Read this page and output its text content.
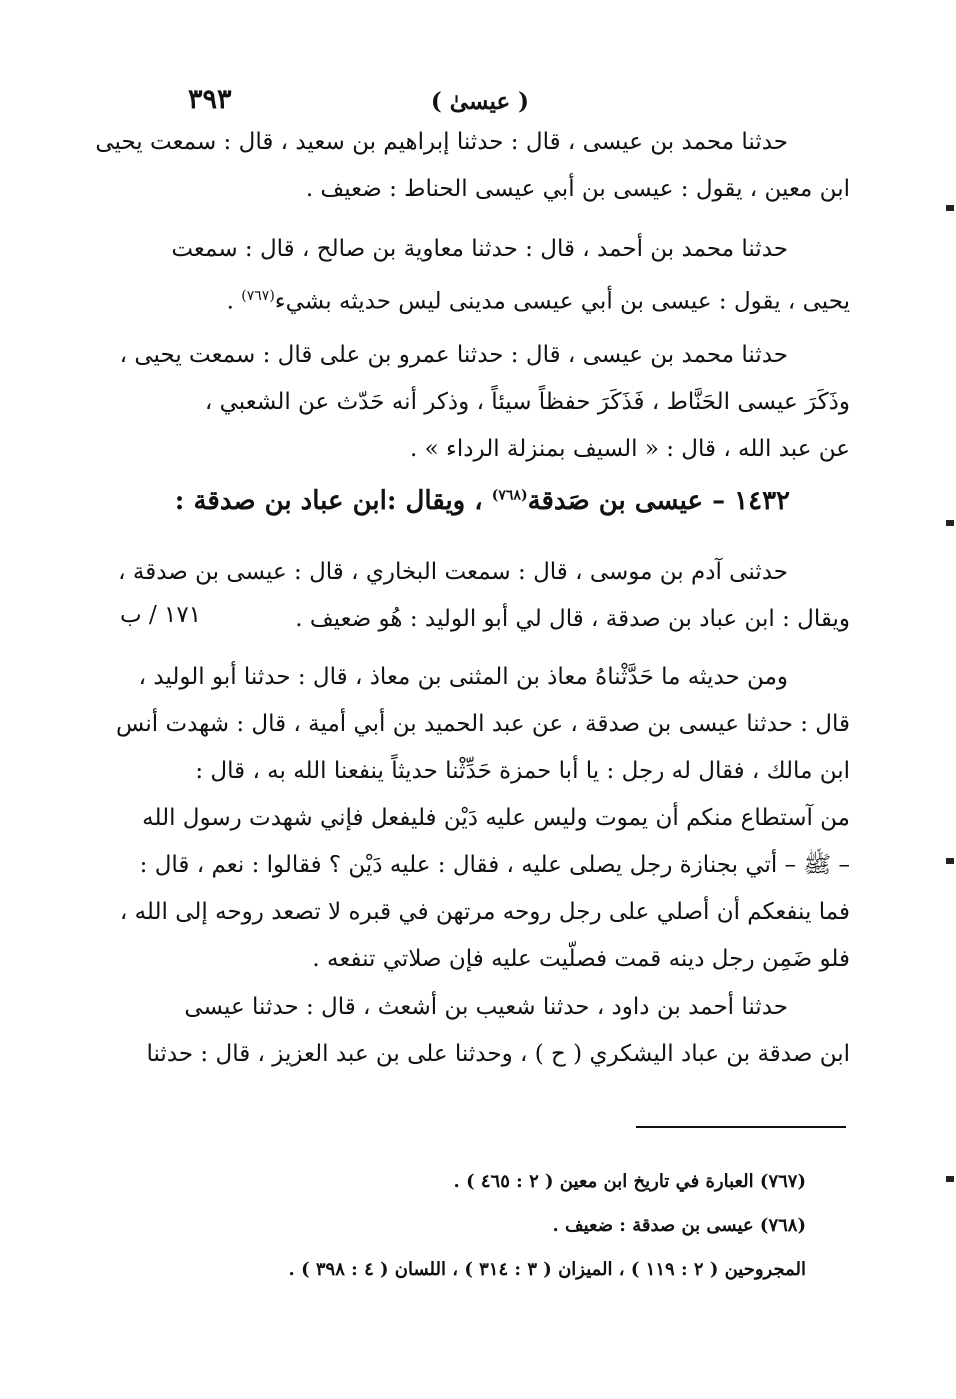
٣٩٣	( عيسىٰ )
حدثنا محمد بن عيسى ، قال : حدثنا إبراهيم بن سعيد ، قال : سمعت يحيى
ابن معين ، يقول : عيسى بن أبي عيسى الحناط : ضعيف .
حدثنا محمد بن أحمد ، قال : حدثنا معاوية بن صالح ، قال : سمعت
يحيى ، يقول : عيسى بن أبي عيسى مدينى ليس حديثه بشيء$^{(٧٦٧)}$ .
حدثنا محمد بن عيسى ، قال : حدثنا عمرو بن على قال : سمعت يحيى ،
وذَكَرَ عيسى الحَنَّاط ، فَذَكَرَ حفظاً سيئاً ، وذكر أنه حَدّث عن الشعبي ،
عن عبد الله ، قال : « السيف بمنزلة الرداء » .
١٤٣٢ – عيسى بن صَدقة$^{(٧٦٨)}$ ، ويقال :ابن عباد بن صدقة :
حدثنى آدم بن موسى ، قال : سمعت البخاري ، قال : عيسى بن صدقة ،
ويقال : ابن عباد بن صدقة ، قال لي أبو الوليد : هُو ضعيف .
١٧١ / ب
ومن حديثه ما حَدَّثْناهُ معاذ بن المثنى بن معاذ ، قال : حدثنا أبو الوليد ،
قال : حدثنا عيسى بن صدقة ، عن عبد الحميد بن أبي أمية ، قال : شهدت أنس
ابن مالك ، فقال له رجل : يا أبا حمزة حَدِّثْنا حديثاً ينفعنا الله به ، قال :
من آستطاع منكم أن يموت وليس عليه دَيْن فليفعل فإني شهدت رسول الله
– ﷺ – أتي بجنازة رجل يصلى عليه ، فقال : عليه دَيْن ؟ فقالوا : نعم ، قال :
فما ينفعكم أن أصلي على رجل روحه مرتهن في قبره لا تصعد روحه إلى الله ،
فلو ضَمِن رجل دينه قمت فصلّيت عليه فإن صلاتي تنفعه .
حدثنا أحمد بن داود ، حدثنا شعيب بن أشعث ، قال : حدثنا عيسى
ابن صدقة بن عباد اليشكري ( ح ) ، وحدثنا على بن عبد العزيز ، قال : حدثنا
(٧٦٧) العبارة في تاريخ ابن معين ( ٢ : ٤٦٥ ) .
(٧٦٨) عيسى بن صدقة : ضعيف .
المجروحين ( ٢ : ١١٩ ) ، الميزان ( ٣ : ٣١٤ ) ، اللسان ( ٤ : ٣٩٨ ) .
